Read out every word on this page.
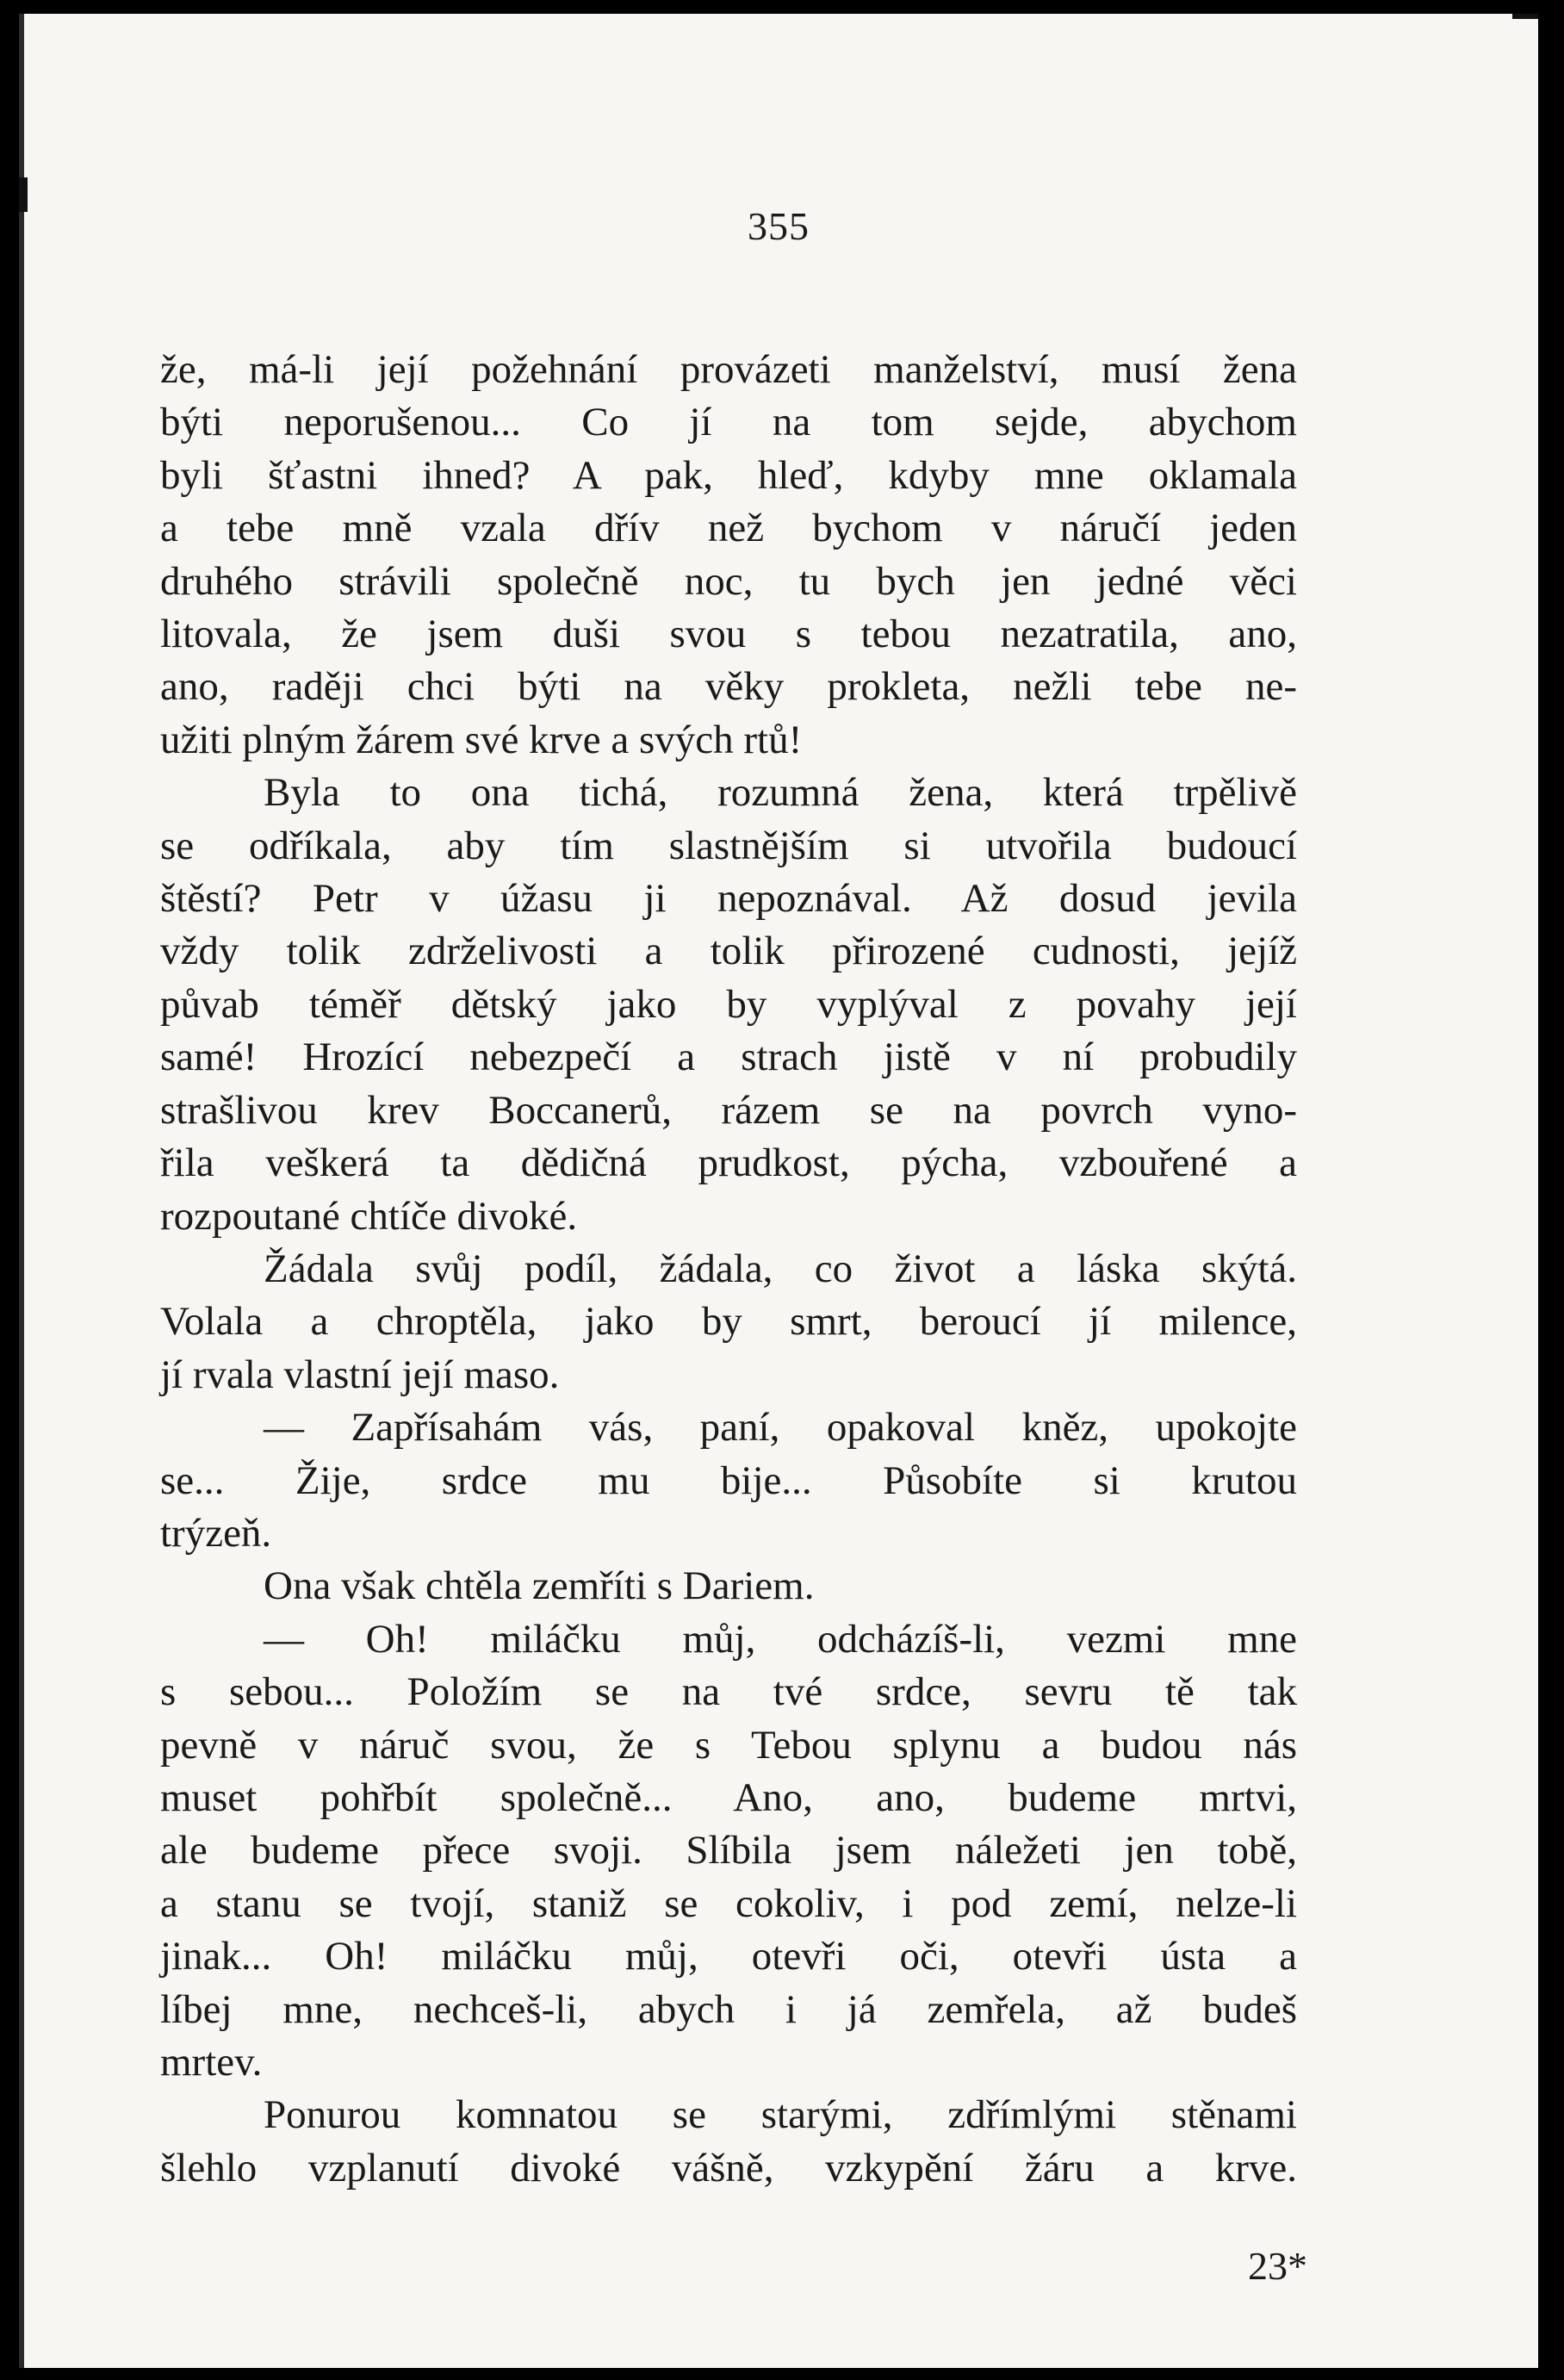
355
že, má-li její požehnání provázeti manželství, musí žena
býti neporušenou... Co jí na tom sejde, abychom
byli šťastni ihned? A pak, hleď, kdyby mne oklamala
a tebe mně vzala dřív než bychom v náručí jeden
druhého strávili společně noc, tu bych jen jedné věci
litovala, že jsem duši svou s tebou nezatratila, ano,
ano, raději chci býti na věky prokleta, nežli tebe ne-
užiti plným žárem své krve a svých rtů!
Byla to ona tichá, rozumná žena, která trpělivě
se odříkala, aby tím slastnějším si utvořila budoucí
štěstí? Petr v úžasu ji nepoznával. Až dosud jevila
vždy tolik zdrželivosti a tolik přirozené cudnosti, jejíž
půvab téměř dětský jako by vyplýval z povahy její
samé! Hrozící nebezpečí a strach jistě v ní probudily
strašlivou krev Boccanerů, rázem se na povrch vyno-
řila veškerá ta dědičná prudkost, pýcha, vzbouřené a
rozpoutané chtíče divoké.
Žádala svůj podíl, žádala, co život a láska skýtá.
Volala a chroptěla, jako by smrt, beroucí jí milence,
jí rvala vlastní její maso.
— Zapřísahám vás, paní, opakoval kněz, upokojte
se... Žije, srdce mu bije... Působíte si krutou
trýzeň.
Ona však chtěla zemříti s Dariem.
— Oh! miláčku můj, odcházíš-li, vezmi mne
s sebou... Položím se na tvé srdce, sevru tě tak
pevně v náruč svou, že s Tebou splynu a budou nás
muset pohřbít společně... Ano, ano, budeme mrtvi,
ale budeme přece svoji. Slíbila jsem náležeti jen tobě,
a stanu se tvojí, staniž se cokoliv, i pod zemí, nelze-li
jinak... Oh! miláčku můj, otevři oči, otevři ústa a
líbej mne, nechceš-li, abych i já zemřela, až budeš
mrtev.
Ponurou komnatou se starými, zdřímlými stěnami
šlehlo vzplanutí divoké vášně, vzkypění žáru a krve.
23*
